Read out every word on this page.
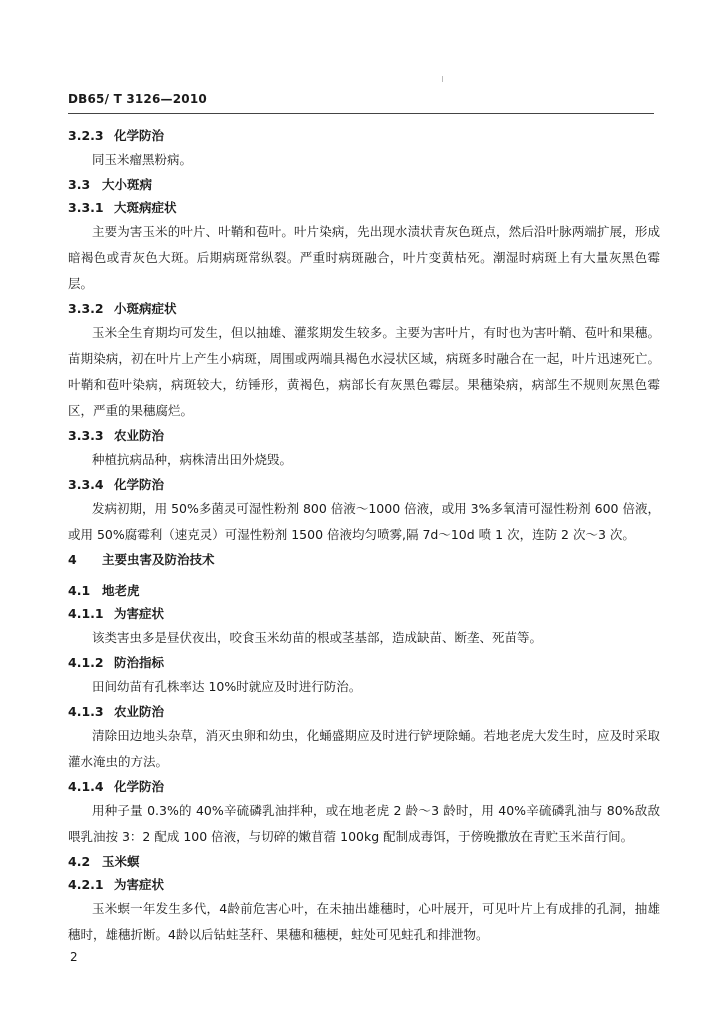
DB65/ T 3126—2010
3.2.3 化学防治
同玉米瘤黑粉病。
3.3 大小斑病
3.3.1 大斑病症状
主要为害玉米的叶片、叶鞘和苞叶。叶片染病，先出现水渍状青灰色斑点，然后沿叶脉两端扩展，形成暗褐色或青灰色大斑。后期病斑常纵裂。严重时病斑融合，叶片变黄枯死。潮湿时病斑上有大量灰黑色霉层。
3.3.2 小斑病症状
玉米全生育期均可发生，但以抽雄、灌浆期发生较多。主要为害叶片，有时也为害叶鞘、苞叶和果穗。苗期染病，初在叶片上产生小病斑，周围或两端具褐色水浸状区域，病斑多时融合在一起，叶片迅速死亡。叶鞘和苞叶染病，病斑较大，纺锤形，黄褐色，病部长有灰黑色霉层。果穗染病，病部生不规则灰黑色霉区，严重的果穗腐烂。
3.3.3 农业防治
种植抗病品种，病株清出田外烧毁。
3.3.4 化学防治
发病初期，用 50%多菌灵可湿性粉剂 800 倍液～1000 倍液，或用 3%多氧清可湿性粉剂 600 倍液，或用 50%腐霉利（速克灵）可湿性粉剂 1500 倍液均匀喷雾,隔 7d～10d 喷 1 次，连防 2 次～3 次。
4 主要虫害及防治技术
4.1 地老虎
4.1.1 为害症状
该类害虫多是昼伏夜出，咬食玉米幼苗的根或茎基部，造成缺苗、断垄、死苗等。
4.1.2 防治指标
田间幼苗有孔株率达 10%时就应及时进行防治。
4.1.3 农业防治
清除田边地头杂草，消灭虫卵和幼虫，化蛹盛期应及时进行铲埂除蛹。若地老虎大发生时，应及时采取灌水淹虫的方法。
4.1.4 化学防治
用种子量 0.3%的 40%辛硫磷乳油拌种，或在地老虎 2 龄～3 龄时，用 40%辛硫磷乳油与 80%敌敌喂乳油按 3：2 配成 100 倍液，与切碎的嫩苜蓿 100kg 配制成毒饵，于傍晚撒放在青贮玉米苗行间。
4.2 玉米螟
4.2.1 为害症状
玉米螟一年发生多代，4龄前危害心叶，在未抽出雄穗时，心叶展开，可见叶片上有成排的孔洞，抽雄穗时，雄穗折断。4龄以后钻蛀茎秆、果穗和穗梗，蛀处可见蛀孔和排泄物。
2
